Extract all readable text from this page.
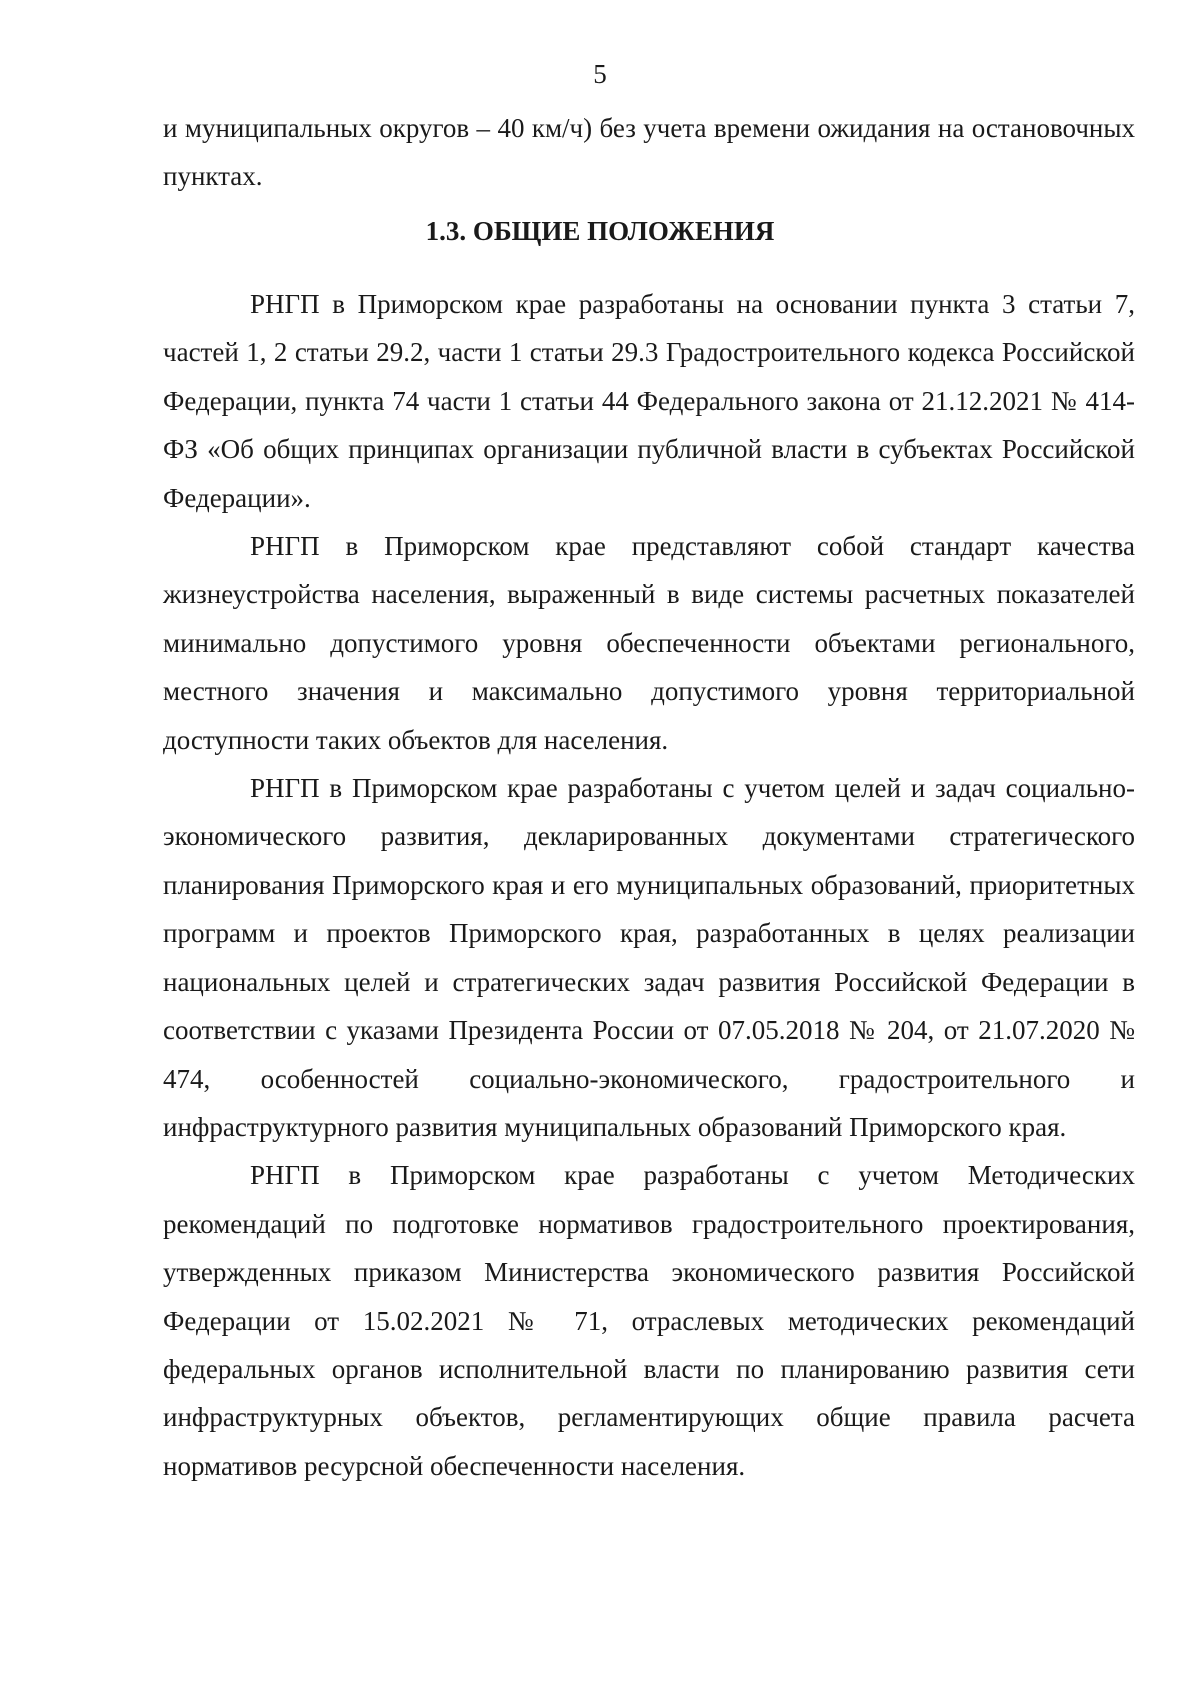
5

и муниципальных округов – 40 км/ч) без учета времени ожидания на остановочных пунктах.

1.3. ОБЩИЕ ПОЛОЖЕНИЯ

РНГП в Приморском крае разработаны на основании пункта 3 статьи 7, частей 1, 2 статьи 29.2, части 1 статьи 29.3 Градостроительного кодекса Российской Федерации, пункта 74 части 1 статьи 44 Федерального закона от 21.12.2021 № 414-ФЗ «Об общих принципах организации публичной власти в субъектах Российской Федерации».

РНГП в Приморском крае представляют собой стандарт качества жизнеустройства населения, выраженный в виде системы расчетных показателей минимально допустимого уровня обеспеченности объектами регионального, местного значения и максимально допустимого уровня территориальной доступности таких объектов для населения.

РНГП в Приморском крае разработаны с учетом целей и задач социально-экономического развития, декларированных документами стратегического планирования Приморского края и его муниципальных образований, приоритетных программ и проектов Приморского края, разработанных в целях реализации национальных целей и стратегических задач развития Российской Федерации в соответствии с указами Президента России от 07.05.2018 № 204, от 21.07.2020 № 474, особенностей социально-экономического, градостроительного и инфраструктурного развития муниципальных образований Приморского края.

РНГП в Приморском крае разработаны с учетом Методических рекомендаций по подготовке нормативов градостроительного проектирования, утвержденных приказом Министерства экономического развития Российской Федерации от 15.02.2021 № 71, отраслевых методических рекомендаций федеральных органов исполнительной власти по планированию развития сети инфраструктурных объектов, регламентирующих общие правила расчета нормативов ресурсной обеспеченности населения.
